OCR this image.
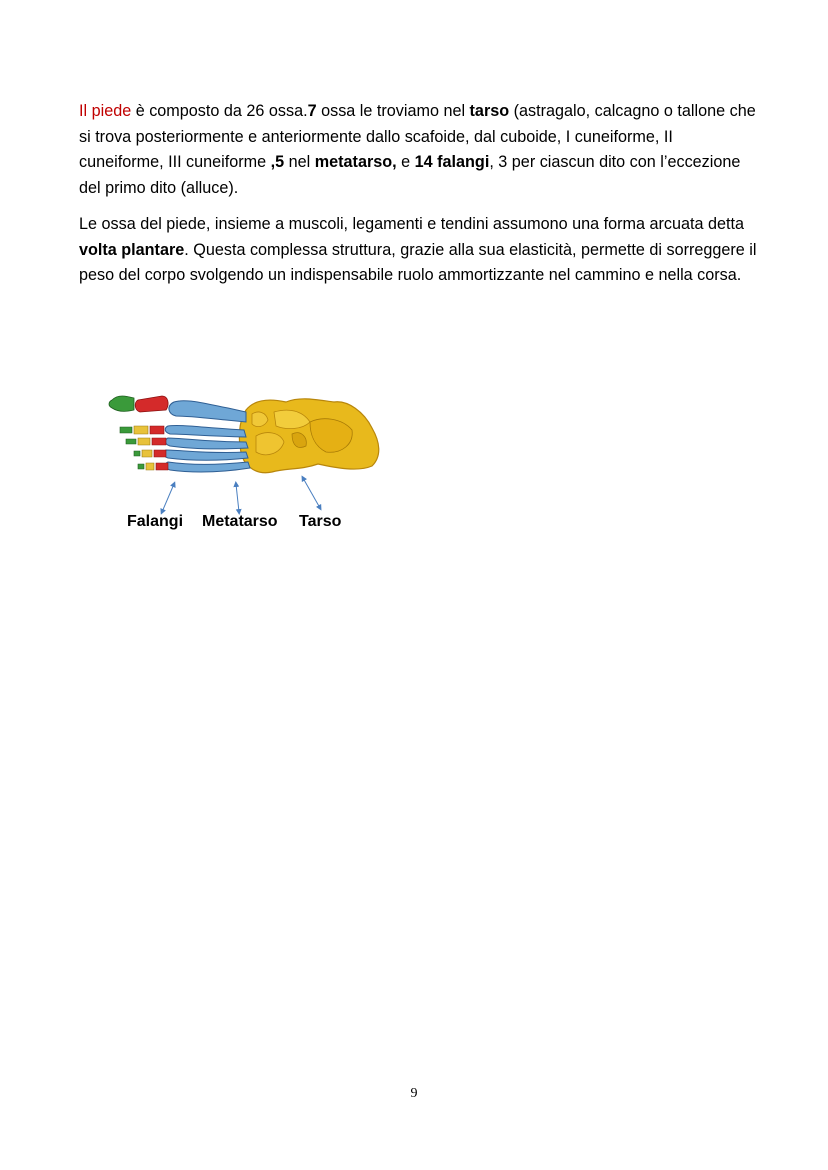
Il piede è composto da 26 ossa.7 ossa le troviamo nel tarso (astragalo, calcagno o tallone che si trova posteriormente e anteriormente dallo scafoide, dal cuboide, I cuneiforme, II cuneiforme, III cuneiforme ,5 nel metatarso, e 14 falangi, 3 per ciascun dito con l’eccezione del primo dito (alluce).

Le ossa del piede, insieme a muscoli, legamenti e tendini assumono una forma arcuata detta volta plantare. Questa complessa struttura, grazie alla sua elasticità, permette di sorreggere il peso del corpo svolgendo un indispensabile ruolo ammortizzante nel cammino e nella corsa.

Falangi Metatarso Tarso
9
